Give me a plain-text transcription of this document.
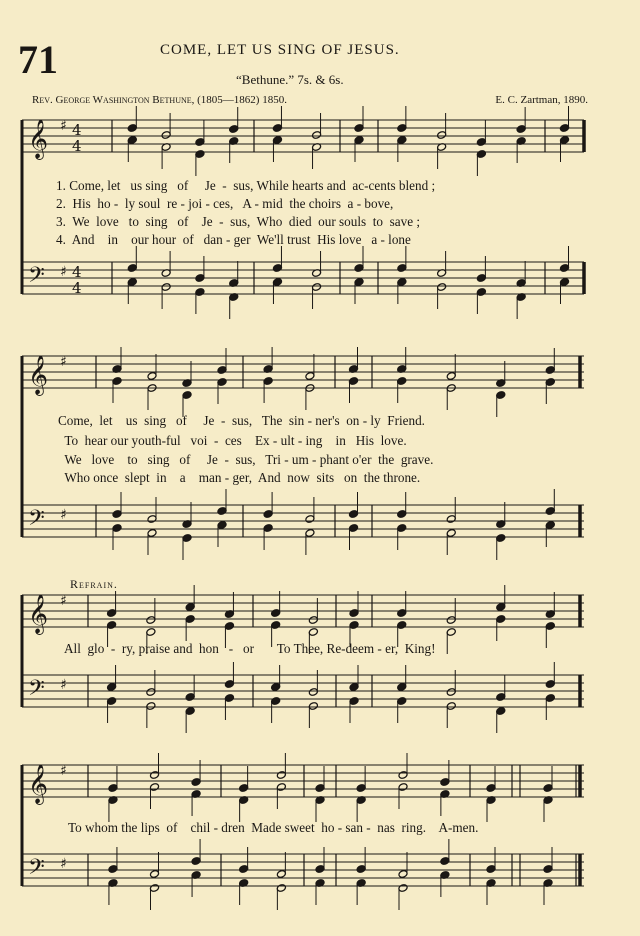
71	COME, LET US SING OF JESUS.
“Bethune.” 7s. & 6s.
Rev. George Washington Bethune, (1805—1862) 1850.	E. C. Zartman, 1890.
𝄞
𝄢
♯
♯
4
4
4
4
𝄞
𝄢
♯
♯
𝄞
𝄢
♯
♯
𝄞
𝄢
♯
♯
1. Come, let   us sing   of     Je  -  sus, While hearts and  ac-cents blend ;
2.  His  ho -  ly soul  re - joi - ces,   A - mid  the choirs  a - bove,
3.  We  love   to  sing   of    Je  -  sus,  Who  died  our souls  to  save ;
4.  And    in    our hour  of   dan - ger  We'll trust  His love   a - lone
Come,  let    us  sing   of     Je  -  sus,   The  sin - ner's  on - ly  Friend.
To  hear our youth-ful   voi  -  ces    Ex - ult - ing    in   His  love.
We   love    to   sing   of     Je  -  sus,   Tri - um - phant o'er  the  grave.
Who once  slept  in    a    man - ger,  And  now  sits   on  the throne.
Refrain.
All  glo  -  ry, praise and  hon   -   or       To Thee, Re-deem - er,  King!
To whom the lips  of    chil - dren  Made sweet  ho - san -  nas  ring.    A-men.
